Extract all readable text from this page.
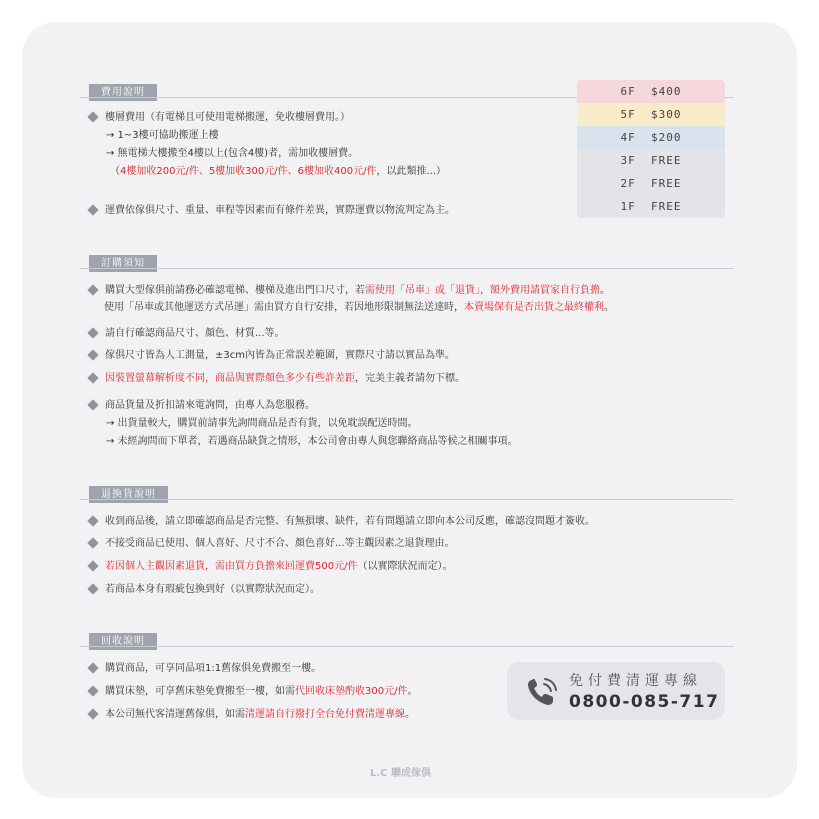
費用說明
樓層費用（有電梯且可使用電梯搬運，免收樓層費用。）
→ 1~3樓可協助搬運上樓
→ 無電梯大樓搬至4樓以上(包含4樓)者，需加收樓層費。
（4樓加收200元/件、5樓加收300元/件、6樓加收400元/件，以此類推...）
運費依傢俱尺寸、重量、車程等因素而有條件差異，實際運費以物流判定為主。
6F $400
5F $300
4F $200
3F FREE
2F FREE
1F FREE
訂購須知
購買大型傢俱前請務必確認電梯、樓梯及進出門口尺寸，若需使用「吊車」或「退貨」，額外費用請買家自行負擔。
使用「吊車或其他運送方式吊運」需由買方自行安排，若因地形限制無法送達時，本賣場保有是否出貨之最終權利。
請自行確認商品尺寸、顏色、材質...等。
傢俱尺寸皆為人工測量，±3cm內皆為正常誤差範圍，實際尺寸請以實品為準。
因裝置螢幕解析度不同，商品與實際顏色多少有些許差距，完美主義者請勿下標。
商品貨量及折扣請來電詢問，由專人為您服務。
→ 出貨量較大，購買前請事先詢問商品是否有貨，以免耽誤配送時間。
→ 未經詢問而下單者，若遇商品缺貨之情形，本公司會由專人與您聯絡商品等候之相關事項。
退換貨說明
收到商品後，請立即確認商品是否完整、有無損壞、缺件，若有問題請立即向本公司反應，確認沒問題才簽收。
不接受商品已使用、個人喜好、尺寸不合、顏色喜好...等主觀因素之退貨理由。
若因個人主觀因素退貨，需由買方負擔來回運費500元/件（以實際狀況而定）。
若商品本身有瑕疵包換到好（以實際狀況而定）。
回收說明
購買商品，可享同品項1:1舊傢俱免費搬至一樓。
購買床墊，可享舊床墊免費搬至一樓，如需代回收床墊酌收300元/件。
本公司無代客清運舊傢俱，如需清運請自行撥打全台免付費清運專線。
免付費清運專線
0800-085-717
L.C 聯成傢俱
